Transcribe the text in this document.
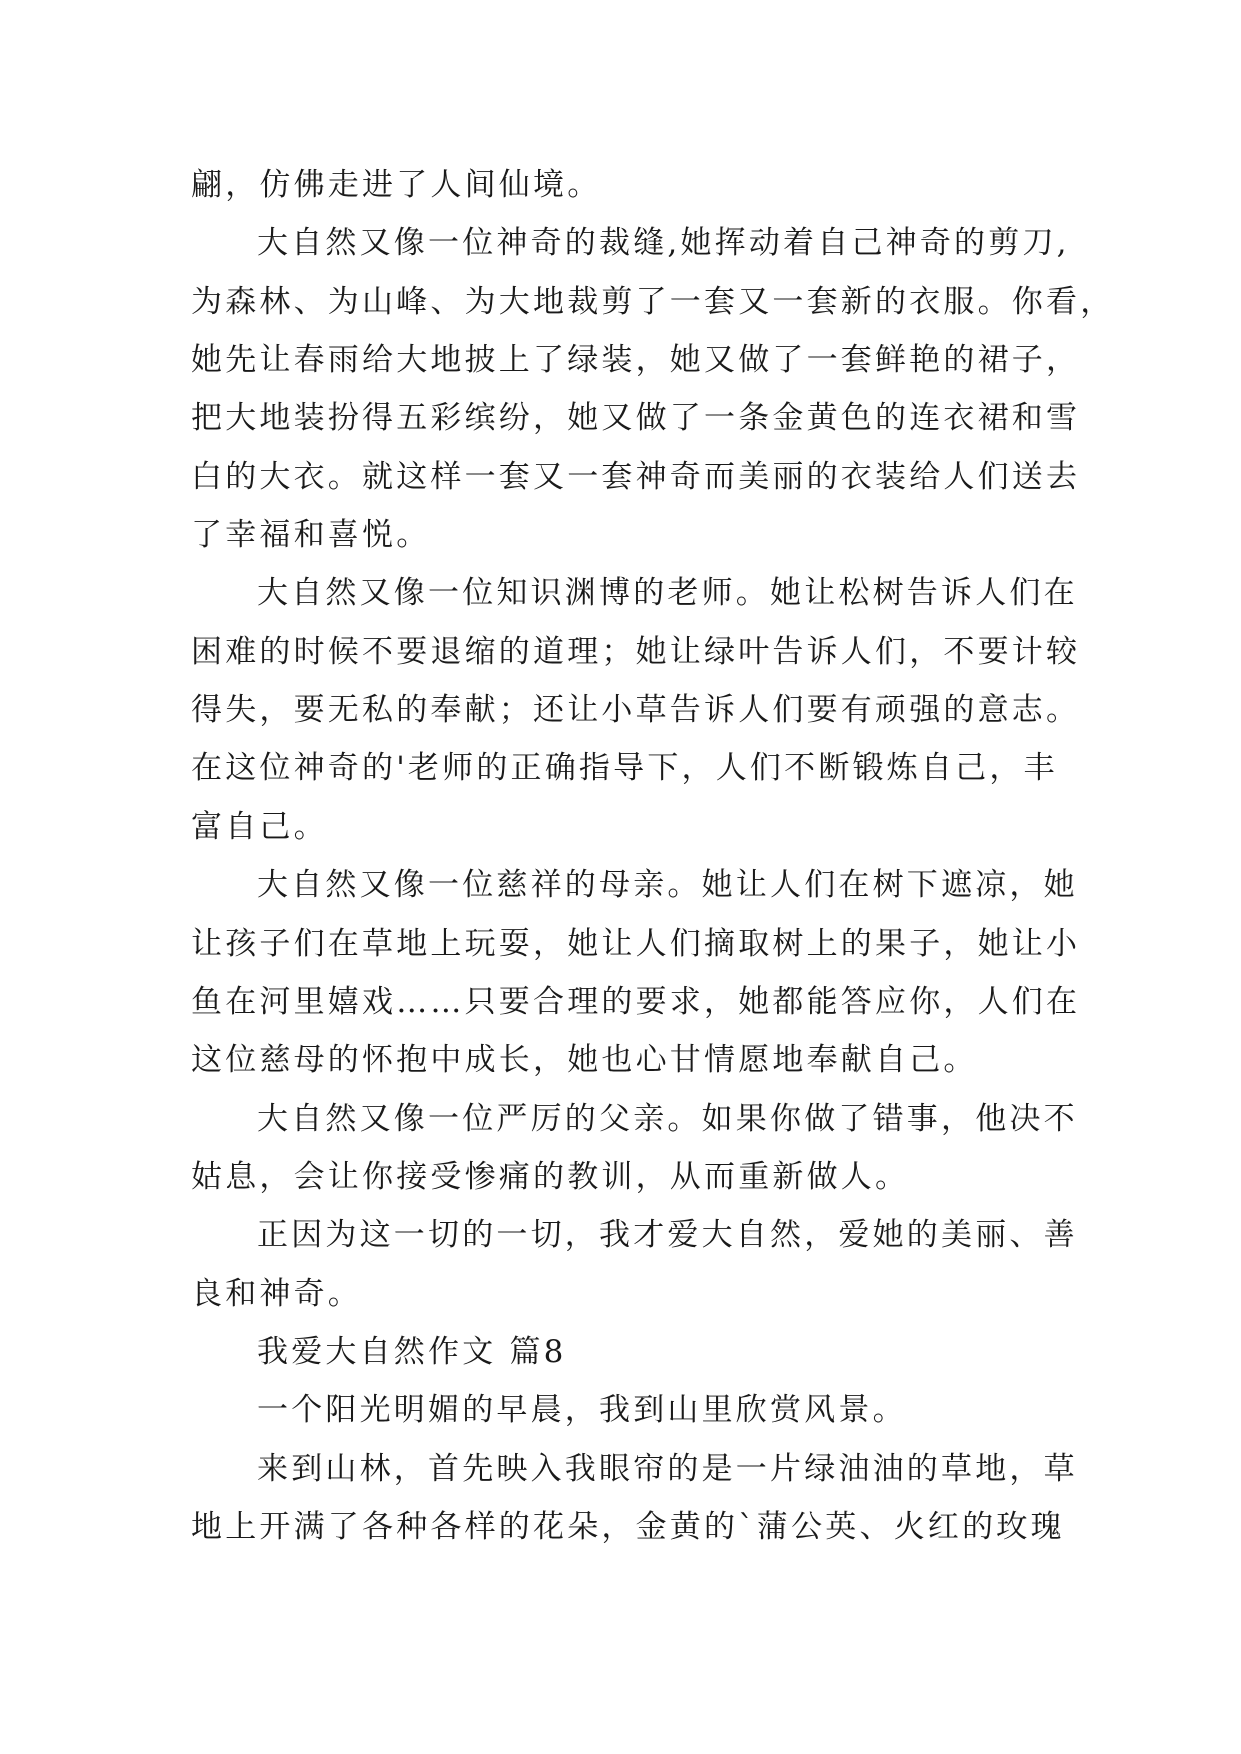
翩，仿佛走进了人间仙境。
大自然又像一位神奇的裁缝,她挥动着自己神奇的剪刀,
为森林、为山峰、为大地裁剪了一套又一套新的衣服。你看，
她先让春雨给大地披上了绿装，她又做了一套鲜艳的裙子，
把大地装扮得五彩缤纷，她又做了一条金黄色的连衣裙和雪
白的大衣。就这样一套又一套神奇而美丽的衣装给人们送去
了幸福和喜悦。
大自然又像一位知识渊博的老师。她让松树告诉人们在
困难的时候不要退缩的道理；她让绿叶告诉人们，不要计较
得失，要无私的奉献；还让小草告诉人们要有顽强的意志。
在这位神奇的'老师的正确指导下，人们不断锻炼自己，丰
富自己。
大自然又像一位慈祥的母亲。她让人们在树下遮凉，她
让孩子们在草地上玩耍，她让人们摘取树上的果子，她让小
鱼在河里嬉戏……只要合理的要求，她都能答应你，人们在
这位慈母的怀抱中成长，她也心甘情愿地奉献自己。
大自然又像一位严厉的父亲。如果你做了错事，他决不
姑息，会让你接受惨痛的教训，从而重新做人。
正因为这一切的一切，我才爱大自然，爱她的美丽、善
良和神奇。
我爱大自然作文 篇8
一个阳光明媚的早晨，我到山里欣赏风景。
来到山林，首先映入我眼帘的是一片绿油油的草地，草
地上开满了各种各样的花朵，金黄的`蒲公英、火红的玫瑰
